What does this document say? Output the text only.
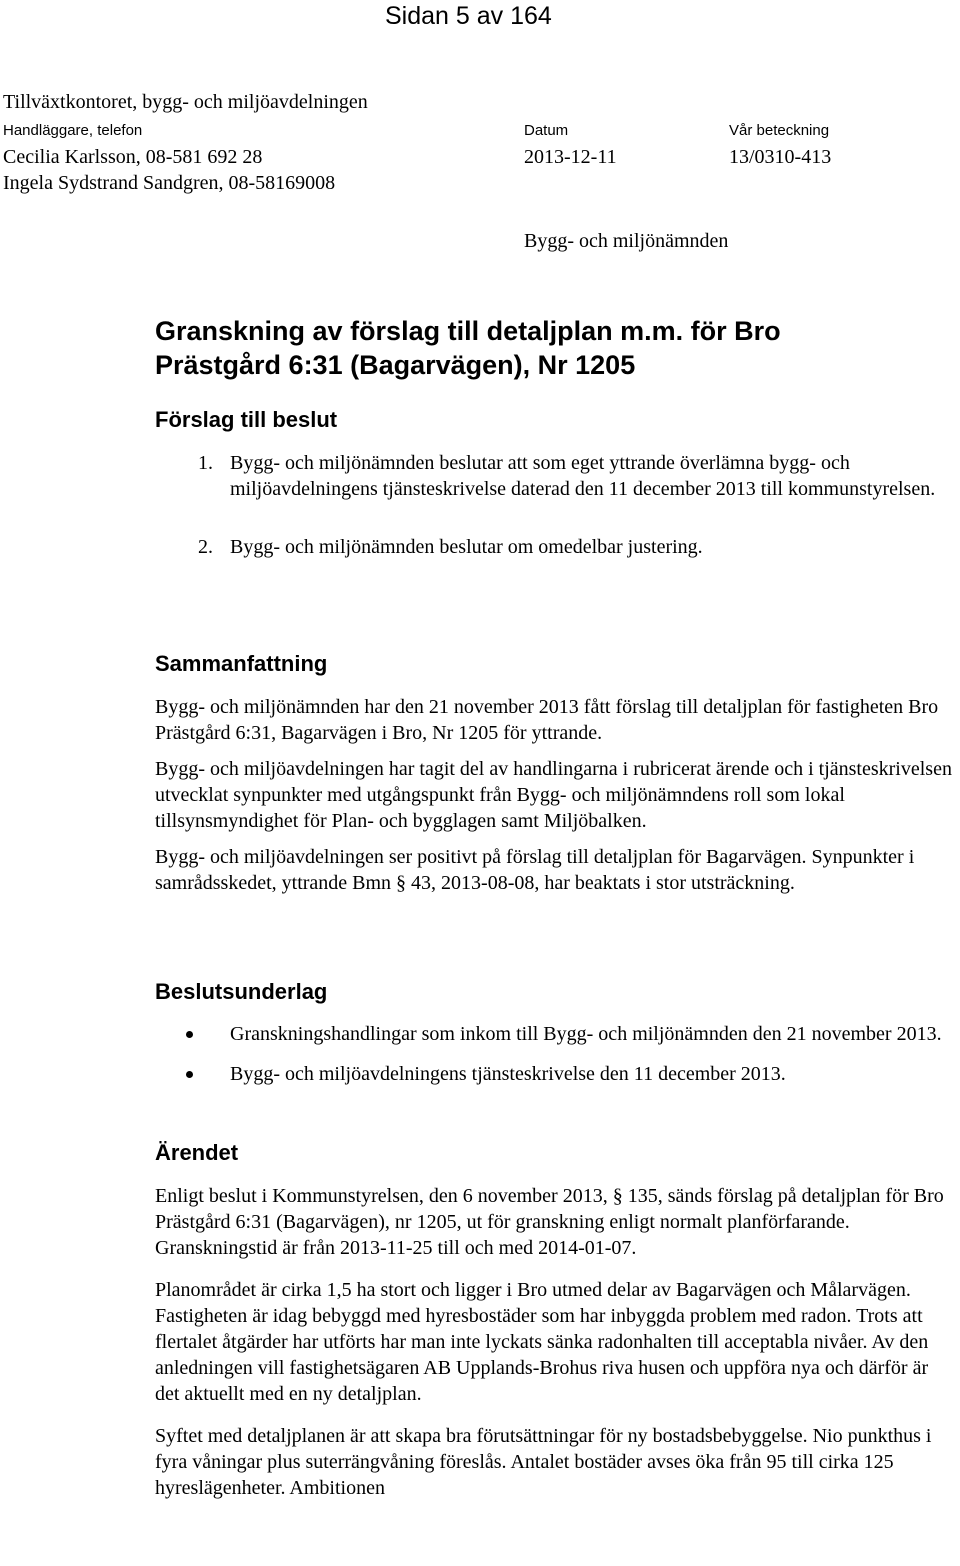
Sidan 5 av 164
Tillväxtkontoret, bygg- och miljöavdelningen
Handläggare, telefon
Cecilia Karlsson, 08-581 692 28
Ingela Sydstrand Sandgren, 08-58169008
Datum
2013-12-11
Vår beteckning
13/0310-413
Bygg- och miljönämnden
Granskning av förslag till detaljplan m.m. för Bro Prästgård 6:31 (Bagarvägen), Nr 1205
Förslag till beslut
1. Bygg- och miljönämnden beslutar att som eget yttrande överlämna bygg- och miljöavdelningens tjänsteskrivelse daterad den 11 december 2013 till kommunstyrelsen.
2. Bygg- och miljönämnden beslutar om omedelbar justering.
Sammanfattning

Bygg- och miljönämnden har den 21 november 2013 fått förslag till detaljplan för fastigheten Bro Prästgård 6:31, Bagarvägen i Bro, Nr 1205 för yttrande.

Bygg- och miljöavdelningen har tagit del av handlingarna i rubricerat ärende och i tjänsteskrivelsen utvecklat synpunkter med utgångspunkt från Bygg- och miljönämndens roll som lokal tillsynsmyndighet för Plan- och bygglagen samt Miljöbalken.

Bygg- och miljöavdelningen ser positivt på förslag till detaljplan för Bagarvägen. Synpunkter i samrådsskedet, yttrande Bmn § 43, 2013-08-08, har beaktats i stor utsträckning.

Beslutsunderlag
Granskningshandlingar som inkom till Bygg- och miljönämnden den 21 november 2013.
Bygg- och miljöavdelningens tjänsteskrivelse den 11 december 2013.
Ärendet

Enligt beslut i Kommunstyrelsen, den 6 november 2013, § 135, sänds förslag på detaljplan för Bro Prästgård 6:31 (Bagarvägen), nr 1205, ut för granskning enligt normalt planförfarande. Granskningstid är från 2013-11-25 till och med 2014-01-07.

Planområdet är cirka 1,5 ha stort och ligger i Bro utmed delar av Bagarvägen och Målarvägen. Fastigheten är idag bebyggd med hyresbostäder som har inbyggda problem med radon. Trots att flertalet åtgärder har utförts har man inte lyckats sänka radonhalten till acceptabla nivåer. Av den anledningen vill fastighetsägaren AB Upplands-Brohus riva husen och uppföra nya och därför är det aktuellt med en ny detaljplan.

Syftet med detaljplanen är att skapa bra förutsättningar för ny bostadsbebyggelse. Nio punkthus i fyra våningar plus suterrängvåning föreslås. Antalet bostäder avses öka från 95 till cirka 125 hyreslägenheter. Ambitionen
